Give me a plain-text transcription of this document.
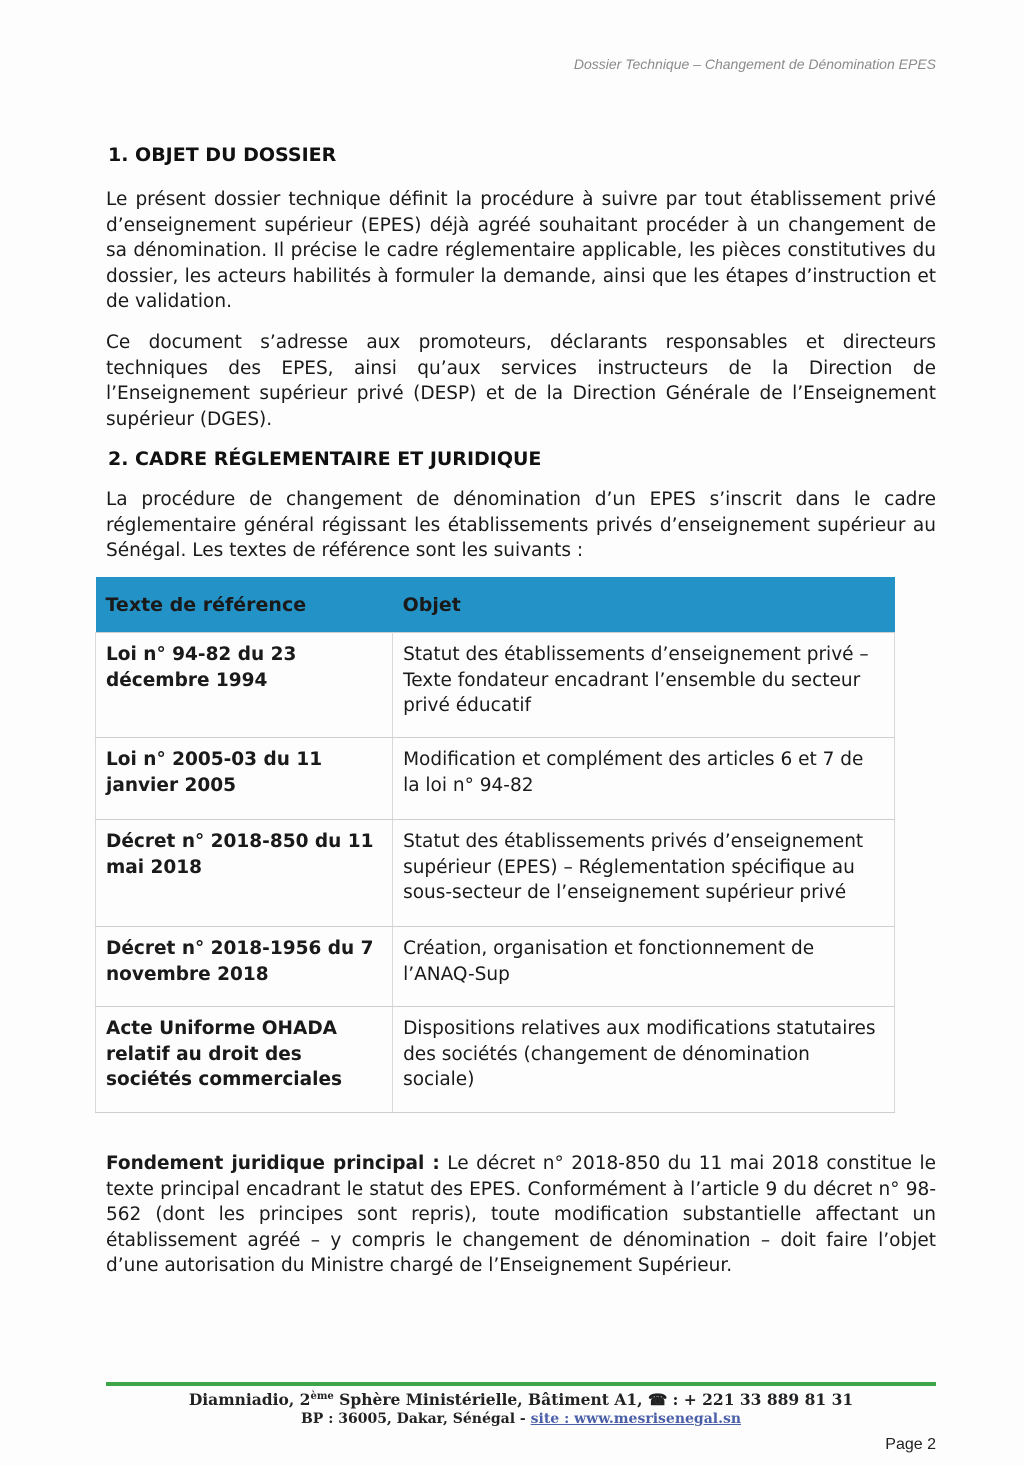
Dossier Technique – Changement de Dénomination EPES
1. OBJET DU DOSSIER
Le présent dossier technique définit la procédure à suivre par tout établissement privé d’enseignement supérieur (EPES) déjà agréé souhaitant procéder à un changement de sa dénomination. Il précise le cadre réglementaire applicable, les pièces constitutives du dossier, les acteurs habilités à formuler la demande, ainsi que les étapes d’instruction et de validation.
Ce document s’adresse aux promoteurs, déclarants responsables et directeurs techniques des EPES, ainsi qu’aux services instructeurs de la Direction de l’Enseignement supérieur privé (DESP) et de la Direction Générale de l’Enseignement supérieur (DGES).
2. CADRE RÉGLEMENTAIRE ET JURIDIQUE
La procédure de changement de dénomination d’un EPES s’inscrit dans le cadre réglementaire général régissant les établissements privés d’enseignement supérieur au Sénégal. Les textes de référence sont les suivants :
Texte de référence	Objet
Loi n° 94-82 du 23 décembre 1994	Statut des établissements d’enseignement privé – Texte fondateur encadrant l’ensemble du secteur privé éducatif
Loi n° 2005-03 du 11 janvier 2005	Modification et complément des articles 6 et 7 de la loi n° 94-82
Décret n° 2018-850 du 11 mai 2018	Statut des établissements privés d’enseignement supérieur (EPES) – Réglementation spécifique au sous-secteur de l’enseignement supérieur privé
Décret n° 2018-1956 du 7 novembre 2018	Création, organisation et fonctionnement de l’ANAQ-Sup
Acte Uniforme OHADA relatif au droit des sociétés commerciales	Dispositions relatives aux modifications statutaires des sociétés (changement de dénomination sociale)
Fondement juridique principal : Le décret n° 2018-850 du 11 mai 2018 constitue le texte principal encadrant le statut des EPES. Conformément à l’article 9 du décret n° 98-562 (dont les principes sont repris), toute modification substantielle affectant un établissement agréé – y compris le changement de dénomination – doit faire l’objet d’une autorisation du Ministre chargé de l’Enseignement Supérieur.
Diamniadio, 2ème Sphère Ministérielle, Bâtiment A1, ☎ : + 221 33 889 81 31
BP : 36005, Dakar, Sénégal - site : www.mesrisenegal.sn
Page 2
